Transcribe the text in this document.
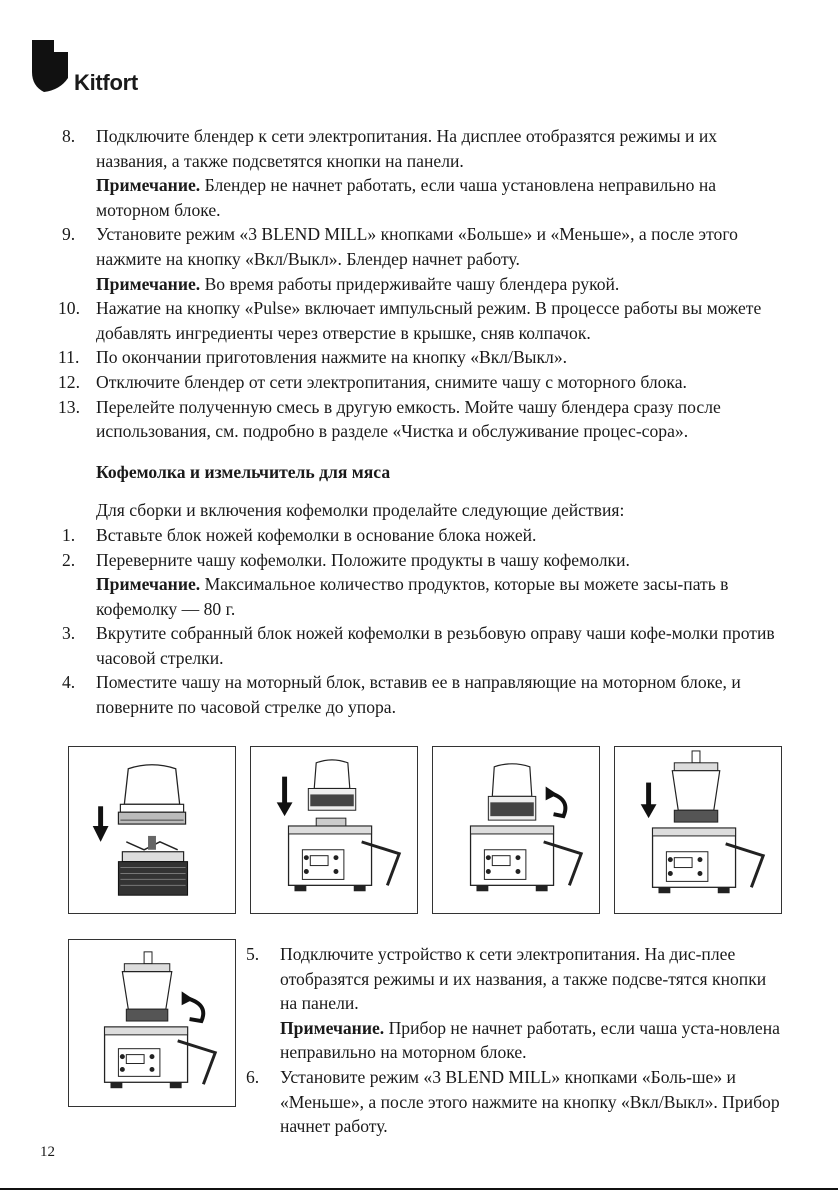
Kitfort
8. Подключите блендер к сети электропитания. На дисплее отобразятся режимы и их названия, а также подсветятся кнопки на панели.
Примечание. Блендер не начнет работать, если чаша установлена неправильно на моторном блоке.
9. Установите режим «3 BLEND MILL» кнопками «Больше» и «Меньше», а после этого нажмите на кнопку «Вкл/Выкл». Блендер начнет работу.
Примечание. Во время работы придерживайте чашу блендера рукой.
10. Нажатие на кнопку «Pulse» включает импульсный режим. В процессе работы вы можете добавлять ингредиенты через отверстие в крышке, сняв колпачок.
11. По окончании приготовления нажмите на кнопку «Вкл/Выкл».
12. Отключите блендер от сети электропитания, снимите чашу с моторного блока.
13. Перелейте полученную смесь в другую емкость. Мойте чашу блендера сразу после использования, см. подробно в разделе «Чистка и обслуживание процес-сора».
Кофемолка и измельчитель для мяса
Для сборки и включения кофемолки проделайте следующие действия:
1. Вставьте блок ножей кофемолки в основание блока ножей.
2. Переверните чашу кофемолки. Положите продукты в чашу кофемолки.
Примечание. Максимальное количество продуктов, которые вы можете засы-пать в кофемолку — 80 г.
3. Вкрутите собранный блок ножей кофемолки в резьбовую оправу чаши кофе-молки против часовой стрелки.
4. Поместите чашу на моторный блок, вставив ее в направляющие на моторном блоке, и поверните по часовой стрелке до упора.
5. Подключите устройство к сети электропитания. На дис-плее отобразятся режимы и их названия, а также подсве-тятся кнопки на панели.
Примечание. Прибор не начнет работать, если чаша уста-новлена неправильно на моторном блоке.
6. Установите режим «3 BLEND MILL» кнопками «Боль-ше» и «Меньше», а после этого нажмите на кнопку «Вкл/Выкл». Прибор начнет работу.
12
